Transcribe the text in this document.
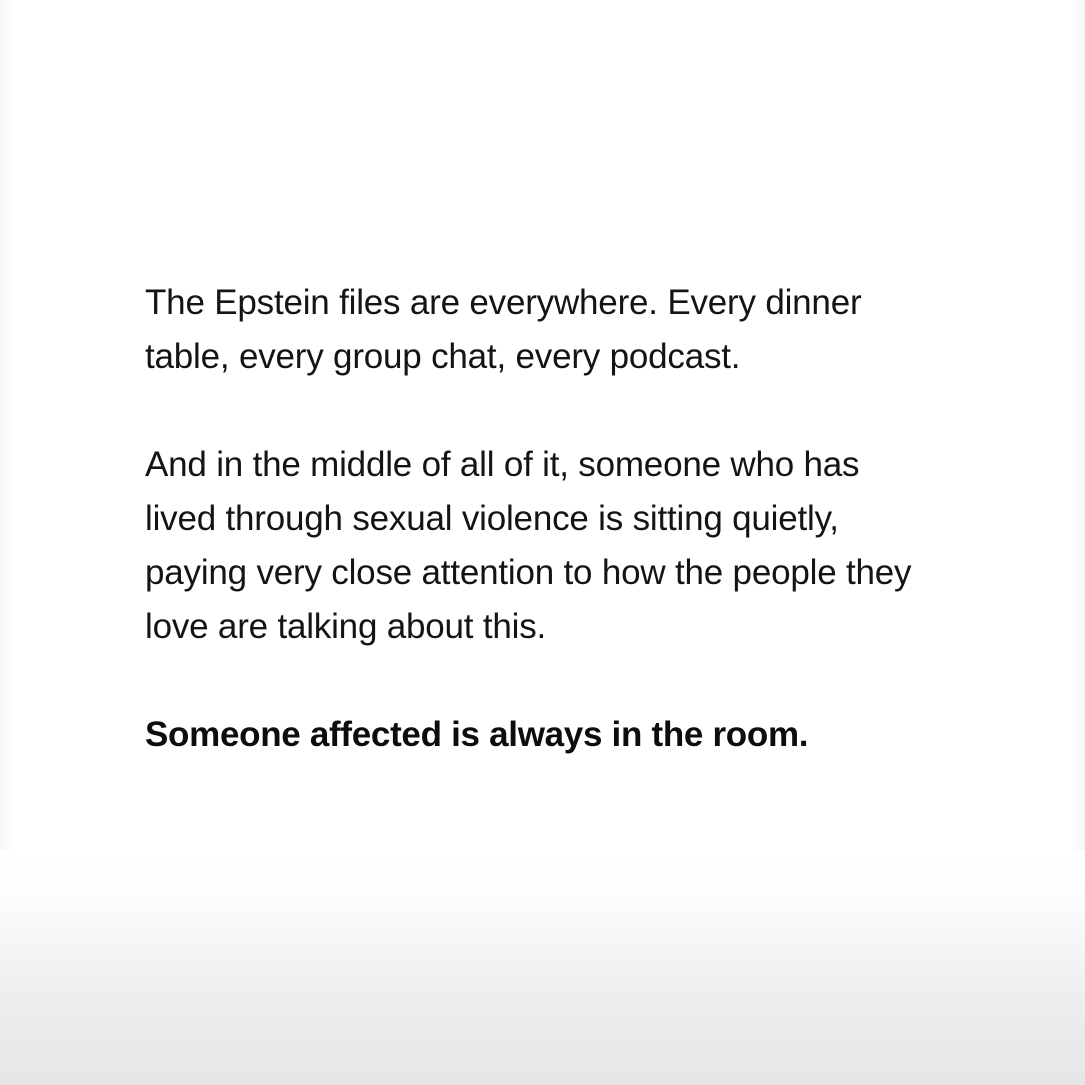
The Epstein files are everywhere. Every dinner table, every group chat, every podcast.

And in the middle of all of it, someone who has lived through sexual violence is sitting quietly, paying very close attention to how the people they love are talking about this.

Someone affected is always in the room.
